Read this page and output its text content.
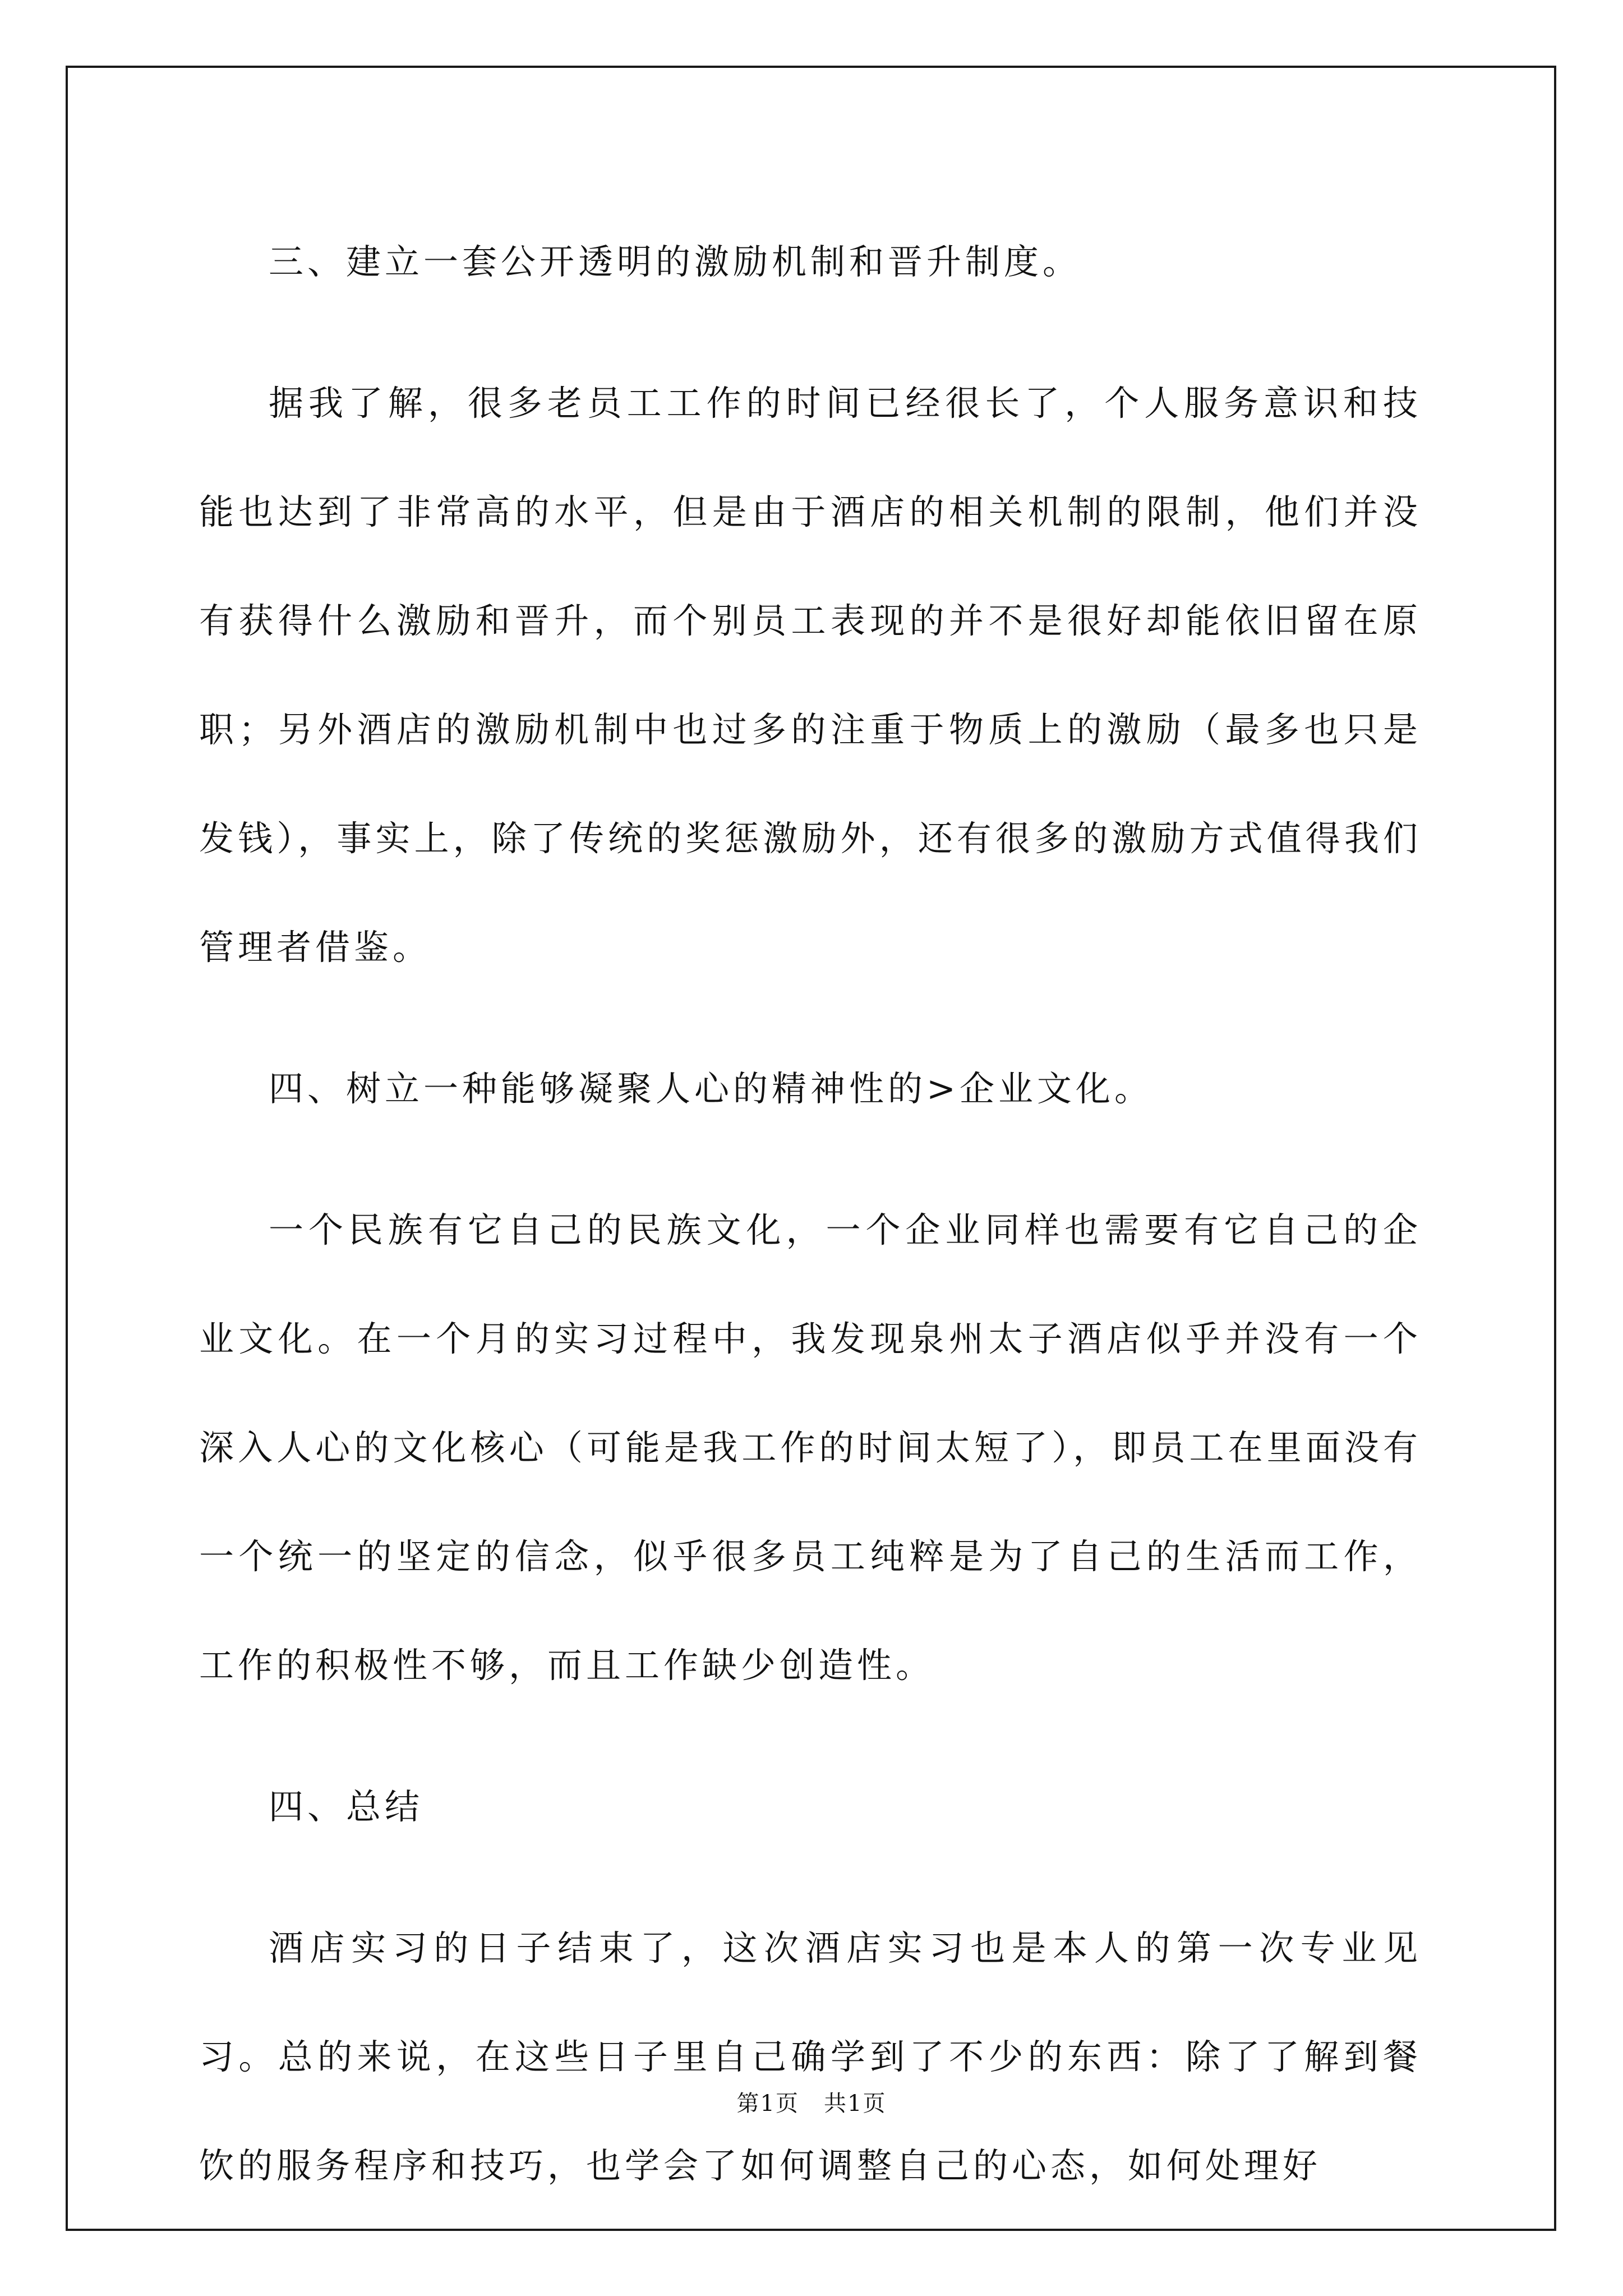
三、建立一套公开透明的激励机制和晋升制度。

据我了解，很多老员工工作的时间已经很长了，个人服务意识和技能也达到了非常高的水平，但是由于酒店的相关机制的限制，他们并没有获得什么激励和晋升，而个别员工表现的并不是很好却能依旧留在原职；另外酒店的激励机制中也过多的注重于物质上的激励（最多也只是发钱），事实上，除了传统的奖惩激励外，还有很多的激励方式值得我们管理者借鉴。

四、树立一种能够凝聚人心的精神性的>企业文化。

一个民族有它自己的民族文化，一个企业同样也需要有它自己的企业文化。在一个月的实习过程中，我发现泉州太子酒店似乎并没有一个深入人心的文化核心（可能是我工作的时间太短了），即员工在里面没有一个统一的坚定的信念，似乎很多员工纯粹是为了自己的生活而工作，工作的积极性不够，而且工作缺少创造性。

四、总结

酒店实习的日子结束了，这次酒店实习也是本人的第一次专业见习。总的来说，在这些日子里自己确学到了不少的东西：除了了解到餐饮的服务程序和技巧，也学会了如何调整自己的心态，如何处理好

第1页 共1页
